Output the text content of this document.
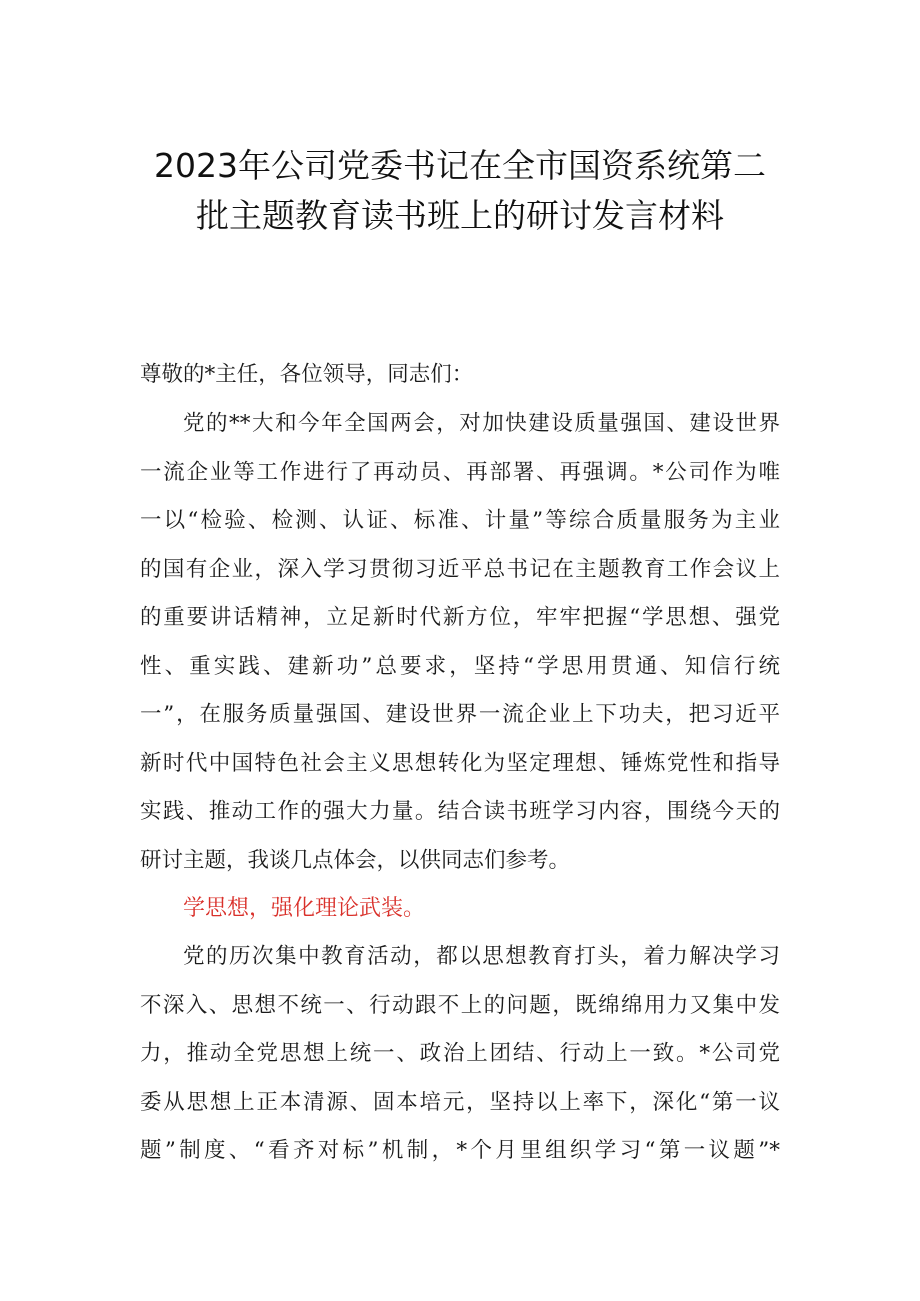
2023年公司党委书记在全市国资系统第二
批主题教育读书班上的研讨发言材料
尊敬的*主任，各位领导，同志们：
党的**大和今年全国两会，对加快建设质量强国、建设世界
一流企业等工作进行了再动员、再部署、再强调。*公司作为唯
一以“检验、检测、认证、标准、计量”等综合质量服务为主业
的国有企业，深入学习贯彻习近平总书记在主题教育工作会议上
的重要讲话精神，立足新时代新方位，牢牢把握“学思想、强党
性、重实践、建新功”总要求，坚持“学思用贯通、知信行统
一”，在服务质量强国、建设世界一流企业上下功夫，把习近平
新时代中国特色社会主义思想转化为坚定理想、锤炼党性和指导
实践、推动工作的强大力量。结合读书班学习内容，围绕今天的
研讨主题，我谈几点体会，以供同志们参考。
学思想，强化理论武装。
党的历次集中教育活动，都以思想教育打头，着力解决学习
不深入、思想不统一、行动跟不上的问题，既绵绵用力又集中发
力，推动全党思想上统一、政治上团结、行动上一致。*公司党
委从思想上正本清源、固本培元，坚持以上率下，深化“第一议
题”制度、“看齐对标”机制，*个月里组织学习“第一议题”*
